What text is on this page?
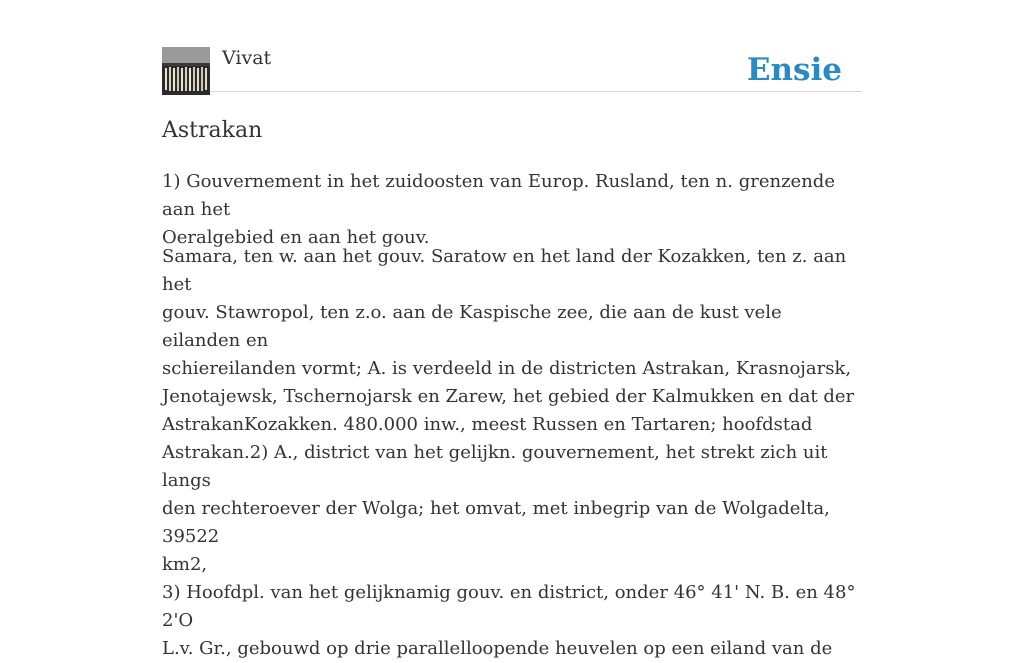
Vivat	Ensie
Astrakan

1) Gouvernement in het zuidoosten van Europ. Rusland, ten n. grenzende aan het
Oeralgebied en aan het gouv.

Samara, ten w. aan het gouv. Saratow en het land der Kozakken, ten z. aan het
gouv. Stawropol, ten z.o. aan de Kaspische zee, die aan de kust vele eilanden en
schiereilanden vormt; A. is verdeeld in de districten Astrakan, Krasnojarsk,
Jenotajewsk, Tschernojarsk en Zarew, het gebied der Kalmukken en dat der
AstrakanKozakken. 480.000 inw., meest Russen en Tartaren; hoofdstad
Astrakan.2) A., district van het gelijkn. gouvernement, het strekt zich uit langs
den rechteroever der Wolga; het omvat, met inbegrip van de Wolgadelta, 39522
km2,
3) Hoofdpl. van het gelijknamig gouv. en district, onder 46° 41' N. B. en 48° 2'O
L.v. Gr., gebouwd op drie parallelloopende heuvelen op een eiland van de
